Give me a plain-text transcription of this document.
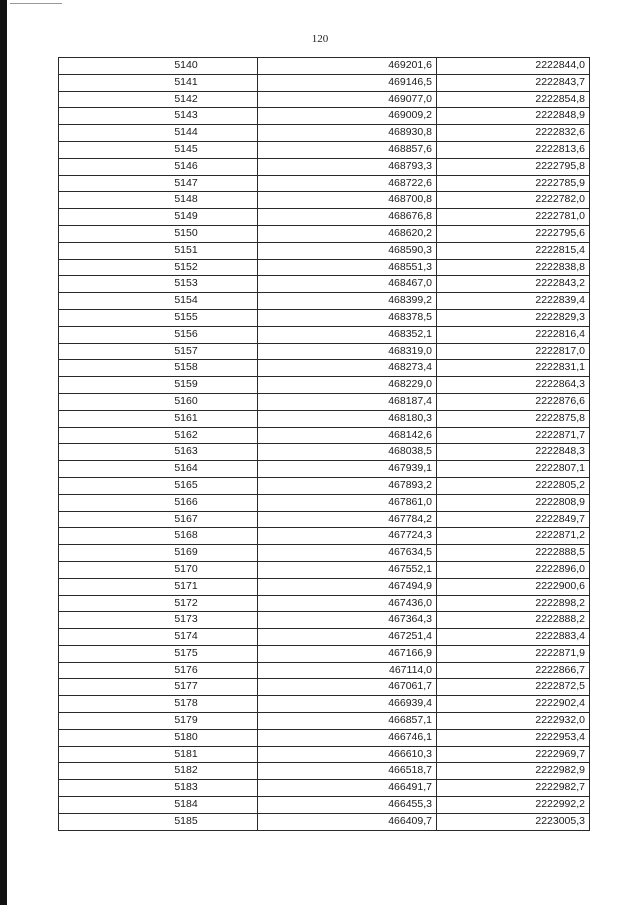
120
5140	469201,6	2222844,0
5141	469146,5	2222843,7
5142	469077,0	2222854,8
5143	469009,2	2222848,9
5144	468930,8	2222832,6
5145	468857,6	2222813,6
5146	468793,3	2222795,8
5147	468722,6	2222785,9
5148	468700,8	2222782,0
5149	468676,8	2222781,0
5150	468620,2	2222795,6
5151	468590,3	2222815,4
5152	468551,3	2222838,8
5153	468467,0	2222843,2
5154	468399,2	2222839,4
5155	468378,5	2222829,3
5156	468352,1	2222816,4
5157	468319,0	2222817,0
5158	468273,4	2222831,1
5159	468229,0	2222864,3
5160	468187,4	2222876,6
5161	468180,3	2222875,8
5162	468142,6	2222871,7
5163	468038,5	2222848,3
5164	467939,1	2222807,1
5165	467893,2	2222805,2
5166	467861,0	2222808,9
5167	467784,2	2222849,7
5168	467724,3	2222871,2
5169	467634,5	2222888,5
5170	467552,1	2222896,0
5171	467494,9	2222900,6
5172	467436,0	2222898,2
5173	467364,3	2222888,2
5174	467251,4	2222883,4
5175	467166,9	2222871,9
5176	467114,0	2222866,7
5177	467061,7	2222872,5
5178	466939,4	2222902,4
5179	466857,1	2222932,0
5180	466746,1	2222953,4
5181	466610,3	2222969,7
5182	466518,7	2222982,9
5183	466491,7	2222982,7
5184	466455,3	2222992,2
5185	466409,7	2223005,3
